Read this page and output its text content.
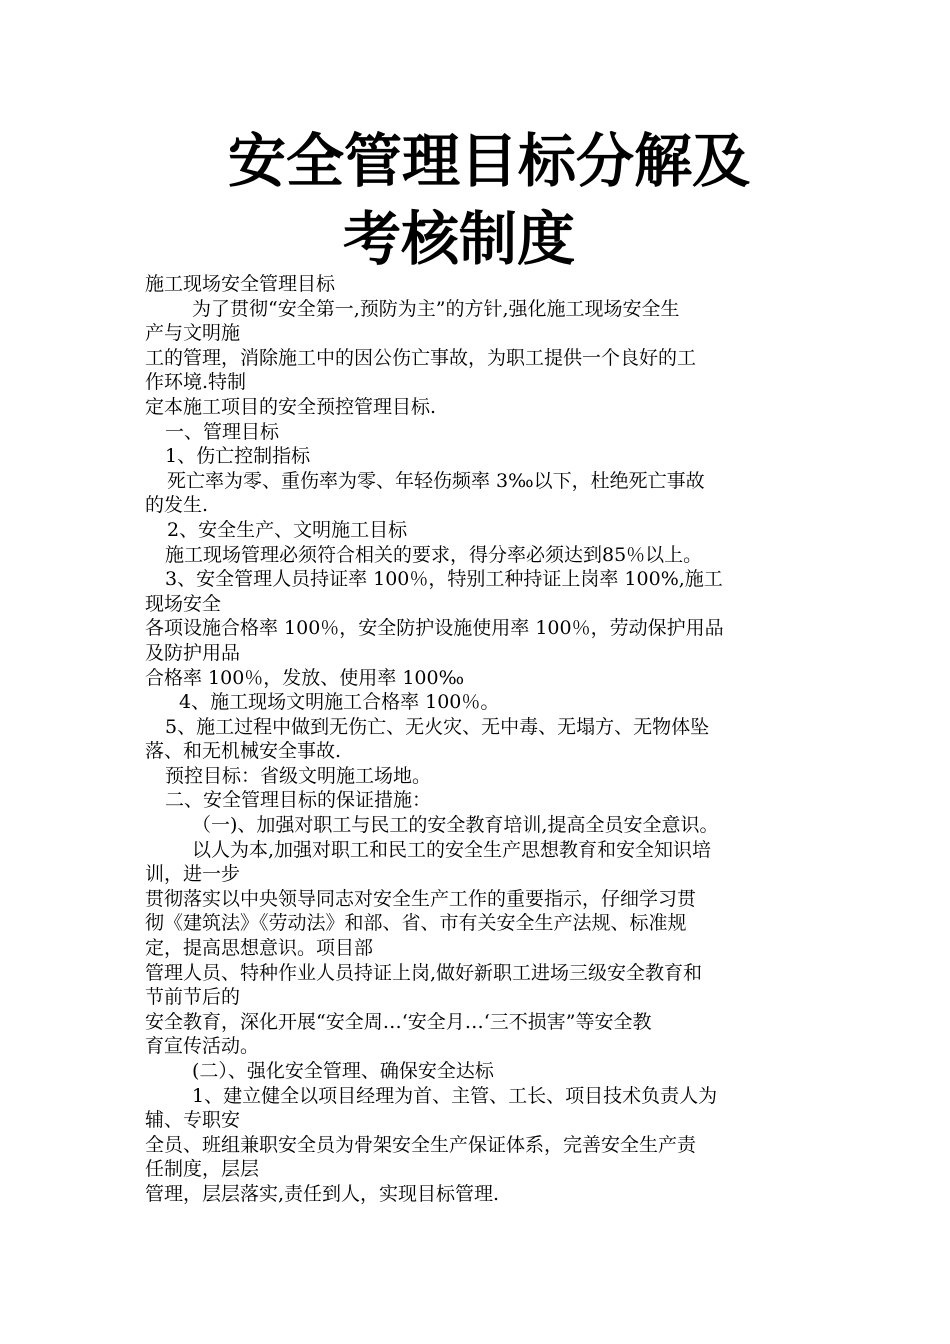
安全管理目标分解及
考核制度
施工现场安全管理目标
为了贯彻“安全第一,预防为主”的方针,强化施工现场安全生
产与文明施
工的管理，消除施工中的因公伤亡事故，为职工提供一个良好的工
作环境.特制
定本施工项目的安全预控管理目标.
一、管理目标
1、伤亡控制指标
死亡率为零、重伤率为零、年轻伤频率 3‰以下，杜绝死亡事故
的发生.
2、安全生产、文明施工目标
施工现场管理必须符合相关的要求，得分率必须达到85％以上。
3、安全管理人员持证率 100％，特别工种持证上岗率 100%,施工
现场安全
各项设施合格率 100％，安全防护设施使用率 100％，劳动保护用品
及防护用品
合格率 100％，发放、使用率 100‰
4、施工现场文明施工合格率 100％。
5、施工过程中做到无伤亡、无火灾、无中毒、无塌方、无物体坠
落、和无机械安全事故.
预控目标：省级文明施工场地。
二、安全管理目标的保证措施：
（一)、加强对职工与民工的安全教育培训,提高全员安全意识。
以人为本,加强对职工和民工的安全生产思想教育和安全知识培
训，进一步
贯彻落实以中央领导同志对安全生产工作的重要指示，仔细学习贯
彻《建筑法》《劳动法》和部、省、市有关安全生产法规、标准规
定，提高思想意识。项目部
管理人员、特种作业人员持证上岗,做好新职工进场三级安全教育和
节前节后的
安全教育，深化开展“安全周…‘安全月…‘三不损害”等安全教
育宣传活动。
(二）、强化安全管理、确保安全达标
1、建立健全以项目经理为首、主管、工长、项目技术负责人为
辅、专职安
全员、班组兼职安全员为骨架安全生产保证体系，完善安全生产责
任制度，层层
管理，层层落实,责任到人，实现目标管理.
